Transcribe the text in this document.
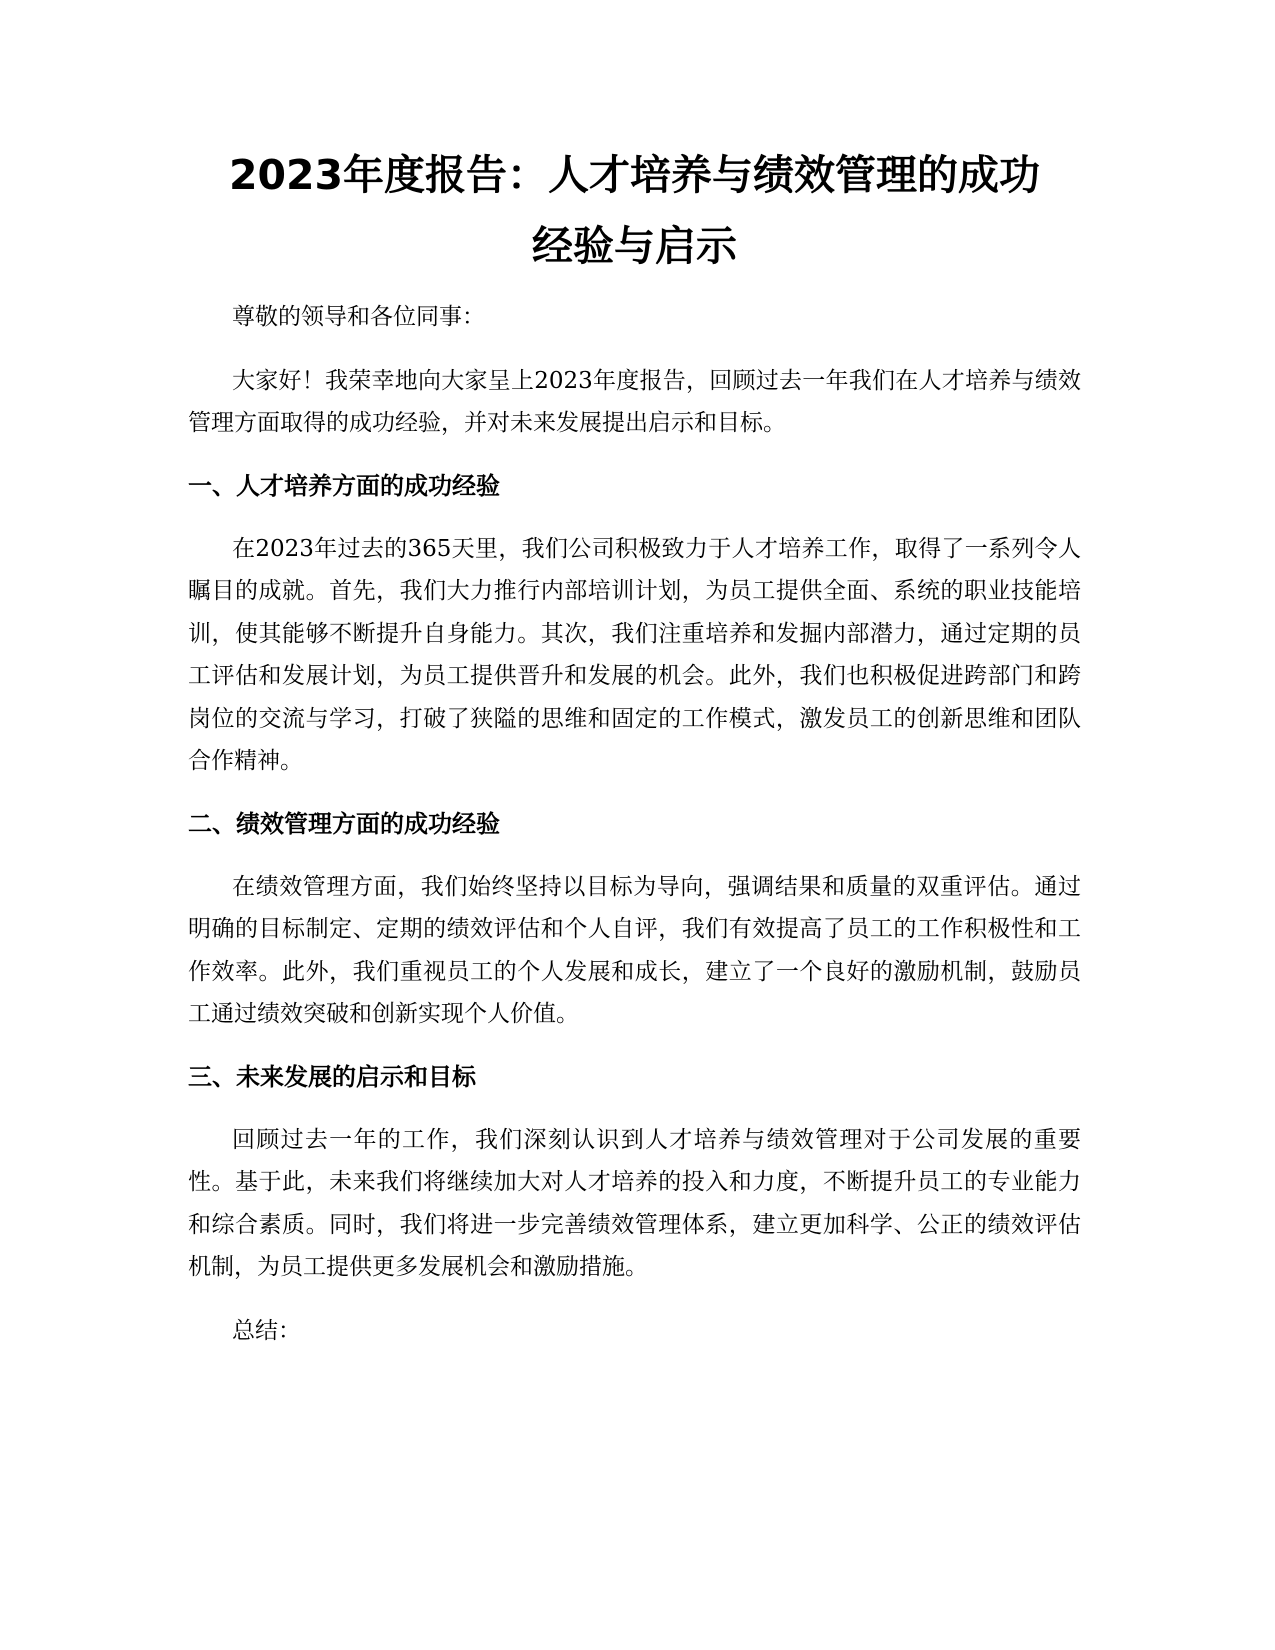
2023年度报告：人才培养与绩效管理的成功
经验与启示

尊敬的领导和各位同事：

大家好！我荣幸地向大家呈上2023年度报告，回顾过去一年我们在人才培养与绩效管理方面取得的成功经验，并对未来发展提出启示和目标。

一、人才培养方面的成功经验

在2023年过去的365天里，我们公司积极致力于人才培养工作，取得了一系列令人瞩目的成就。首先，我们大力推行内部培训计划，为员工提供全面、系统的职业技能培训，使其能够不断提升自身能力。其次，我们注重培养和发掘内部潜力，通过定期的员工评估和发展计划，为员工提供晋升和发展的机会。此外，我们也积极促进跨部门和跨岗位的交流与学习，打破了狭隘的思维和固定的工作模式，激发员工的创新思维和团队合作精神。

二、绩效管理方面的成功经验

在绩效管理方面，我们始终坚持以目标为导向，强调结果和质量的双重评估。通过明确的目标制定、定期的绩效评估和个人自评，我们有效提高了员工的工作积极性和工作效率。此外，我们重视员工的个人发展和成长，建立了一个良好的激励机制，鼓励员工通过绩效突破和创新实现个人价值。

三、未来发展的启示和目标

回顾过去一年的工作，我们深刻认识到人才培养与绩效管理对于公司发展的重要性。基于此，未来我们将继续加大对人才培养的投入和力度，不断提升员工的专业能力和综合素质。同时，我们将进一步完善绩效管理体系，建立更加科学、公正的绩效评估机制，为员工提供更多发展机会和激励措施。

总结：
